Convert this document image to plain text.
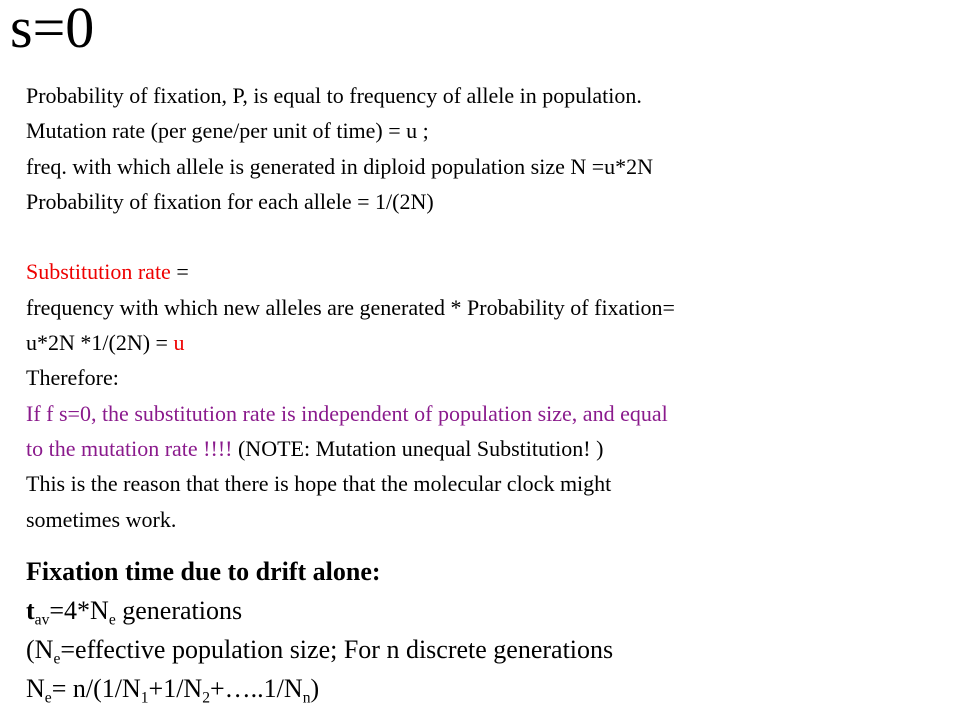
s=0
Probability of fixation, P, is equal to frequency of allele in population.
Mutation rate (per gene/per unit of time) = u ;
freq. with which allele is generated in diploid population size N =u*2N
Probability of fixation for each allele = 1/(2N)
Substitution rate =
frequency with which new alleles are generated * Probability of fixation=
u*2N *1/(2N) = u
Therefore:
If f s=0, the substitution rate is independent of population size, and equal
to the mutation rate !!!! (NOTE: Mutation unequal Substitution! )
This is the reason that there is hope that the molecular clock might
sometimes work.
Fixation time due to drift alone:
$t_{av}=4*N_e$ generations
($N_e=effective$ population size; For n discrete generations
$N_e=$ $n/(1/N_1+1/N_2+\dots..1/N_n)$
